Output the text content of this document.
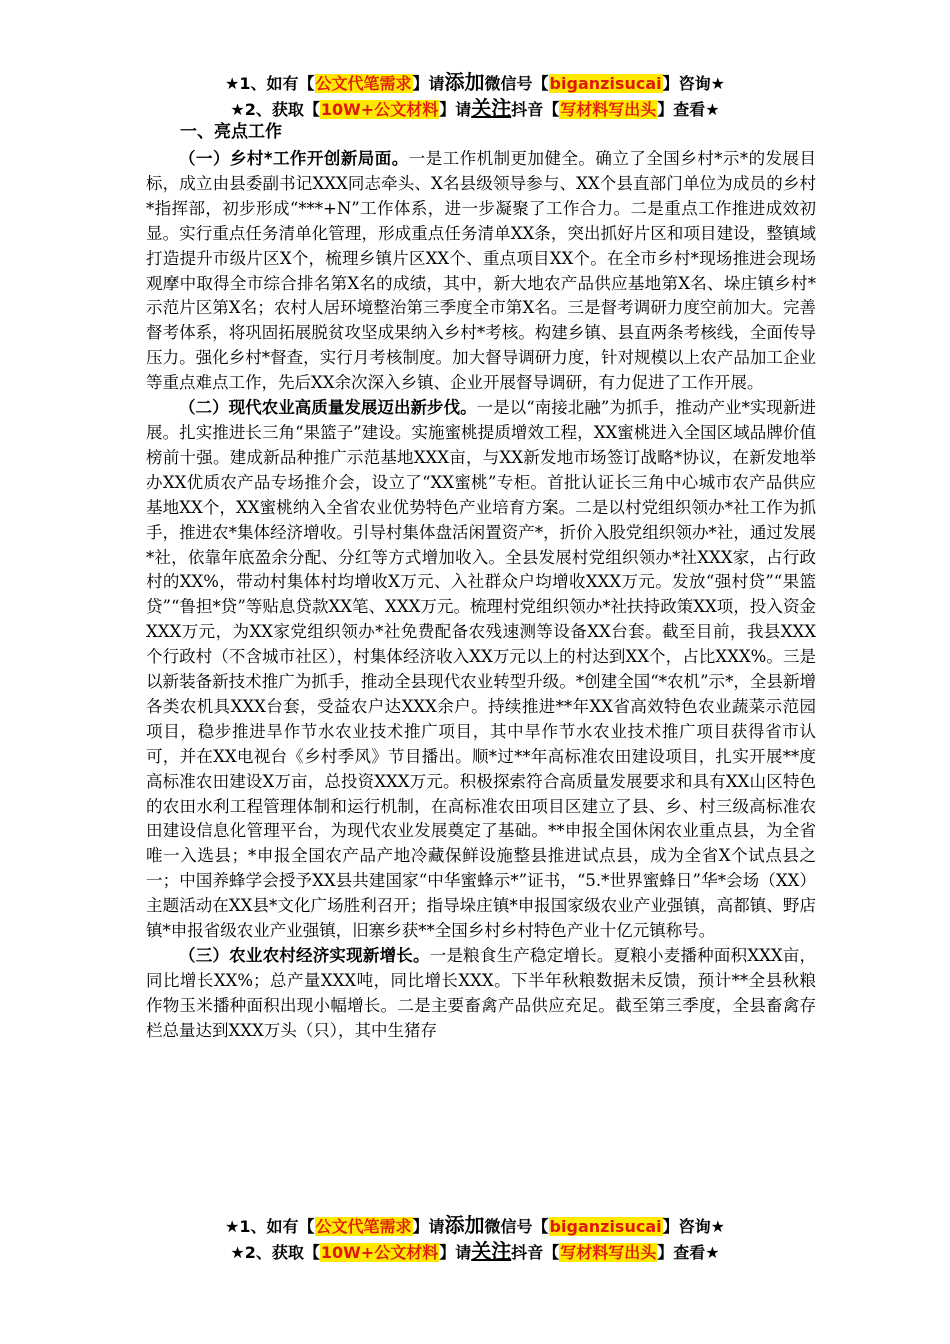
★1、如有【公文代笔需求】请添加微信号【biganzisucai】咨询★
★2、获取【10W+公文材料】请关注抖音【写材料写出头】查看★
一、亮点工作

（一）乡村*工作开创新局面。一是工作机制更加健全。确立了全国乡村*示*的发展目标，成立由县委副书记XXX同志牵头、X名县级领导参与、XX个县直部门单位为成员的乡村*指挥部，初步形成“***+N”工作体系，进一步凝聚了工作合力。二是重点工作推进成效初显。实行重点任务清单化管理，形成重点任务清单XX条，突出抓好片区和项目建设，整镇域打造提升市级片区X个，梳理乡镇片区XX个、重点项目XX个。在全市乡村*现场推进会现场观摩中取得全市综合排名第X名的成绩，其中，新大地农产品供应基地第X名、垛庄镇乡村*示范片区第X名；农村人居环境整治第三季度全市第X名。三是督考调研力度空前加大。完善督考体系，将巩固拓展脱贫攻坚成果纳入乡村*考核。构建乡镇、县直两条考核线，全面传导压力。强化乡村*督查，实行月考核制度。加大督导调研力度，针对规模以上农产品加工企业等重点难点工作，先后XX余次深入乡镇、企业开展督导调研，有力促进了工作开展。

（二）现代农业高质量发展迈出新步伐。一是以“南接北融”为抓手，推动产业*实现新进展。扎实推进长三角“果篮子”建设。实施蜜桃提质增效工程，XX蜜桃进入全国区域品牌价值榜前十强。建成新品种推广示范基地XXX亩，与XX新发地市场签订战略*协议，在新发地举办XX优质农产品专场推介会，设立了“XX蜜桃”专柜。首批认证长三角中心城市农产品供应基地XX个，XX蜜桃纳入全省农业优势特色产业培育方案。二是以村党组织领办*社工作为抓手，推进农*集体经济增收。引导村集体盘活闲置资产*，折价入股党组织领办*社，通过发展*社，依靠年底盈余分配、分红等方式增加收入。全县发展村党组织领办*社XXX家，占行政村的XX%，带动村集体村均增收X万元、入社群众户均增收XXX万元。发放“强村贷”“果篮贷”“鲁担*贷”等贴息贷款XX笔、XXX万元。梳理村党组织领办*社扶持政策XX项，投入资金XXX万元，为XX家党组织领办*社免费配备农残速测等设备XX台套。截至目前，我县XXX个行政村（不含城市社区），村集体经济收入XX万元以上的村达到XX个，占比XXX%。三是以新装备新技术推广为抓手，推动全县现代农业转型升级。*创建全国“*农机”示*，全县新增各类农机具XXX台套，受益农户达XXX余户。持续推进**年XX省高效特色农业蔬菜示范园项目，稳步推进旱作节水农业技术推广项目，其中旱作节水农业技术推广项目获得省市认可，并在XX电视台《乡村季风》节目播出。顺*过**年高标准农田建设项目，扎实开展**度高标准农田建设X万亩，总投资XXX万元。积极探索符合高质量发展要求和具有XX山区特色的农田水利工程管理体制和运行机制，在高标准农田项目区建立了县、乡、村三级高标准农田建设信息化管理平台，为现代农业发展奠定了基础。**申报全国休闲农业重点县，为全省唯一入选县；*申报全国农产品产地冷藏保鲜设施整县推进试点县，成为全省X个试点县之一；中国养蜂学会授予XX县共建国家“中华蜜蜂示*”证书，“5.*世界蜜蜂日”华*会场（XX）主题活动在XX县*文化广场胜利召开；指导垛庄镇*申报国家级农业产业强镇，高都镇、野店镇*申报省级农业产业强镇，旧寨乡获**全国乡村乡村特色产业十亿元镇称号。

（三）农业农村经济实现新增长。一是粮食生产稳定增长。夏粮小麦播种面积XXX亩，同比增长XX%；总产量XXX吨，同比增长XXX。下半年秋粮数据未反馈，预计**全县秋粮作物玉米播种面积出现小幅增长。二是主要畜禽产品供应充足。截至第三季度，全县畜禽存栏总量达到XXX万头（只），其中生猪存

★1、如有【公文代笔需求】请添加微信号【biganzisucai】咨询★
★2、获取【10W+公文材料】请关注抖音【写材料写出头】查看★
